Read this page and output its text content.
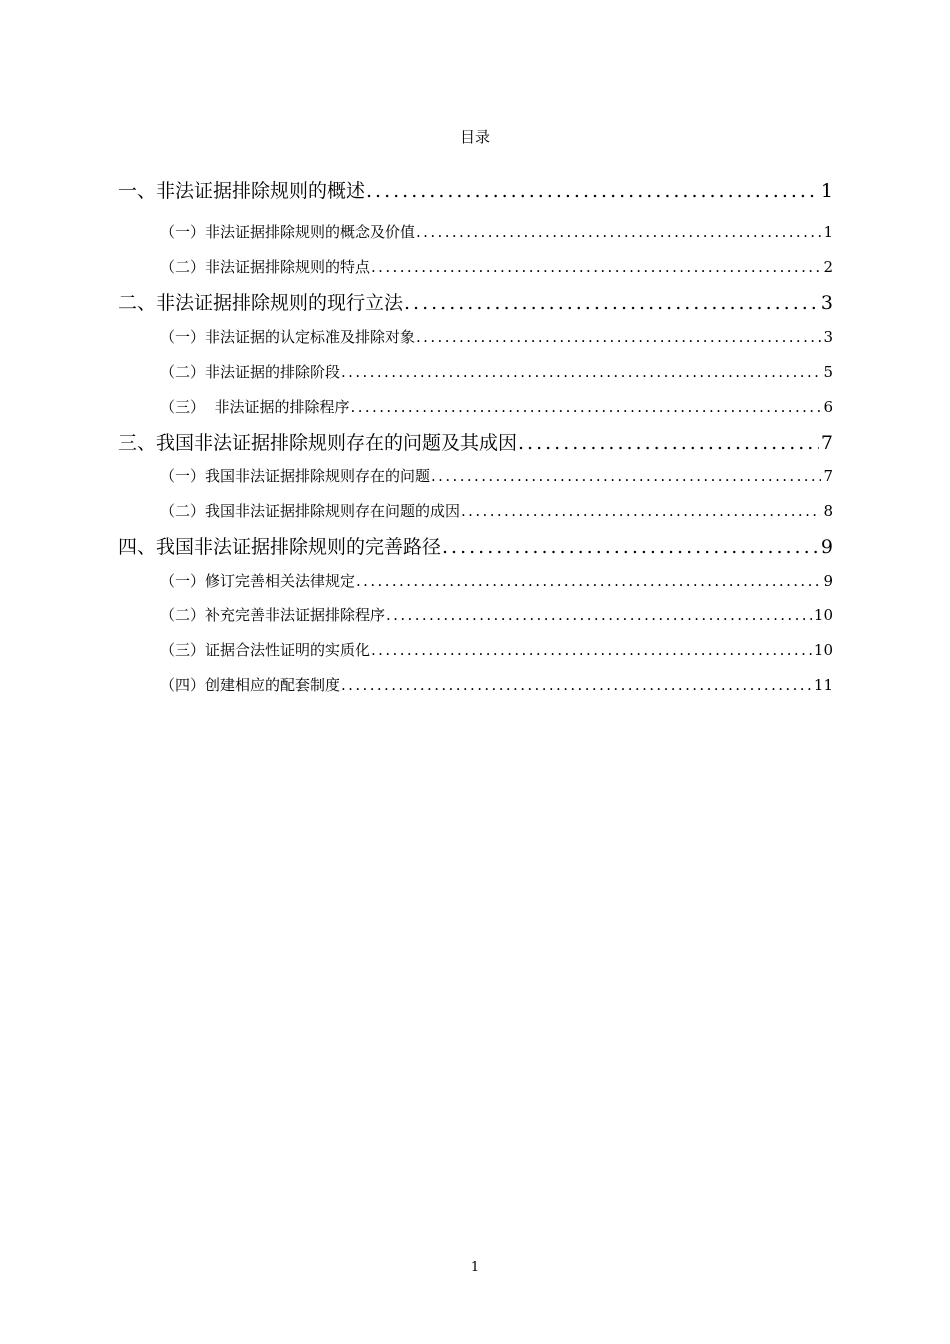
目录
一、非法证据排除规则的概述 .....	1
（一）非法证据排除规则的概念及价值 .....	1
（二）非法证据排除规则的特点 .....	2
二、非法证据排除规则的现行立法 .....	3
（一）非法证据的认定标准及排除对象 .....	3
（二）非法证据的排除阶段 .....	5
（三）  非法证据的排除程序 .....	6
三、我国非法证据排除规则存在的问题及其成因 .....	7
（一）我国非法证据排除规则存在的问题 .....	7
（二）我国非法证据排除规则存在问题的成因 .....	8
四、我国非法证据排除规则的完善路径 .....	9
（一）修订完善相关法律规定 .....	9
（二）补充完善非法证据排除程序 .....	10
（三）证据合法性证明的实质化 .....	10
（四）创建相应的配套制度 .....	11
1
